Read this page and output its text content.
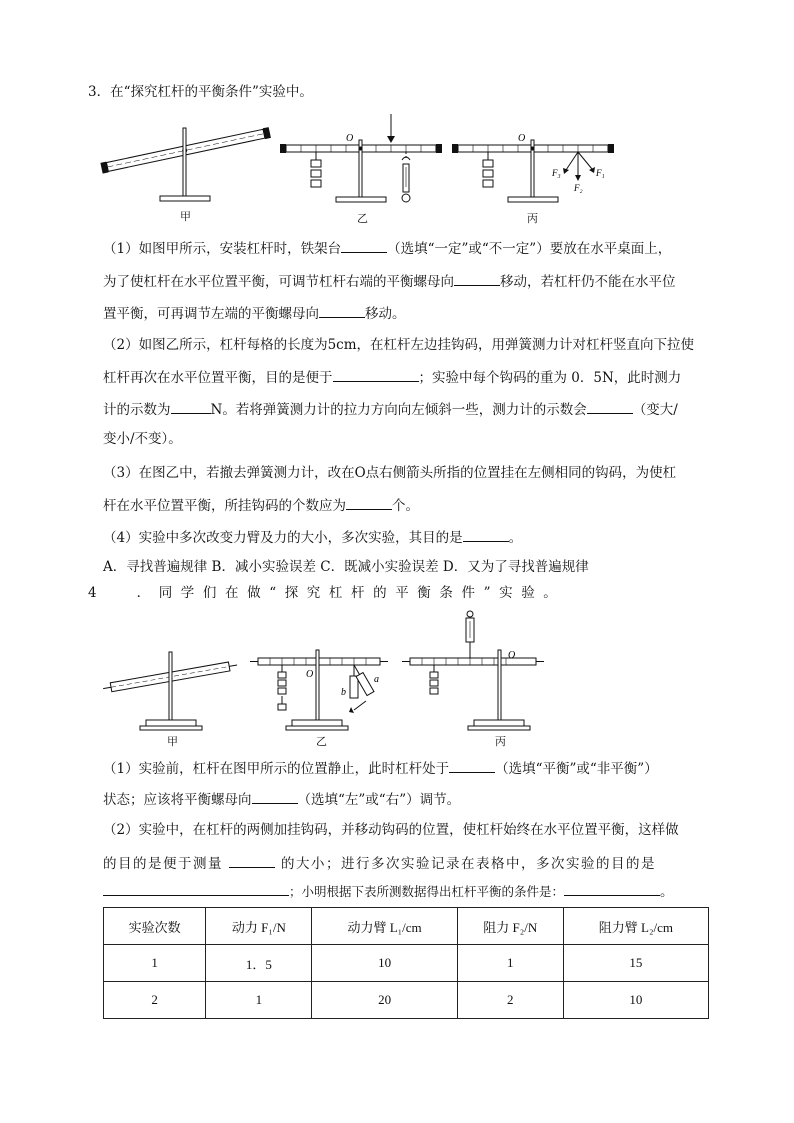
3．在“探究杠杆的平衡条件”实验中。
甲
O
乙
O
F₃
F₂
F₁
丙
（1）如图甲所示，安装杠杆时，铁架台	（选填“一定”或“不一定”）要放在水平桌面上，
为了使杠杆在水平位置平衡，可调节杠杆右端的平衡螺母向	移动，若杠杆仍不能在水平位
置平衡，可再调节左端的平衡螺母向	移动。
（2）如图乙所示，杠杆每格的长度为5cm，在杠杆左边挂钩码，用弹簧测力计对杠杆竖直向下拉使
杠杆再次在水平位置平衡，目的是便于	；实验中每个钩码的重为 0．5N，此时测力
计的示数为	N。若将弹簧测力计的拉力方向向左倾斜一些，测力计的示数会	（变大/
变小/不变）。
（3）在图乙中，若撤去弹簧测力计，改在O点右侧箭头所指的位置挂在左侧相同的钩码，为使杠
杆在水平位置平衡，所挂钩码的个数应为	个。
（4）实验中多次改变力臂及力的大小，多次实验，其目的是	。
A．寻找普遍规律 B．减小实验误差 C．既减小实验误差 D．又为了寻找普遍规律
4	．同学们在做“探究杠杆的平衡条件”实验。
甲
O
b
a
乙
O
丙
（1）实验前，杠杆在图甲所示的位置静止，此时杠杆处于	（选填“平衡”或“非平衡”）
状态；应该将平衡螺母向	（选填“左”或“右”）调节。
（2）实验中，在杠杆的两侧加挂钩码，并移动钩码的位置，使杠杆始终在水平位置平衡，这样做
的目的是便于测量	的大小；进行多次实验记录在表格中，多次实验的目的是
；小明根据下表所测数据得出杠杆平衡的条件是：	。
实验次数	动力 F₁/N	动力臂 L₁/cm	阻力 F₂/N	阻力臂 L₂/cm
1	1．5	10	1	15
2	1	20	2	10
